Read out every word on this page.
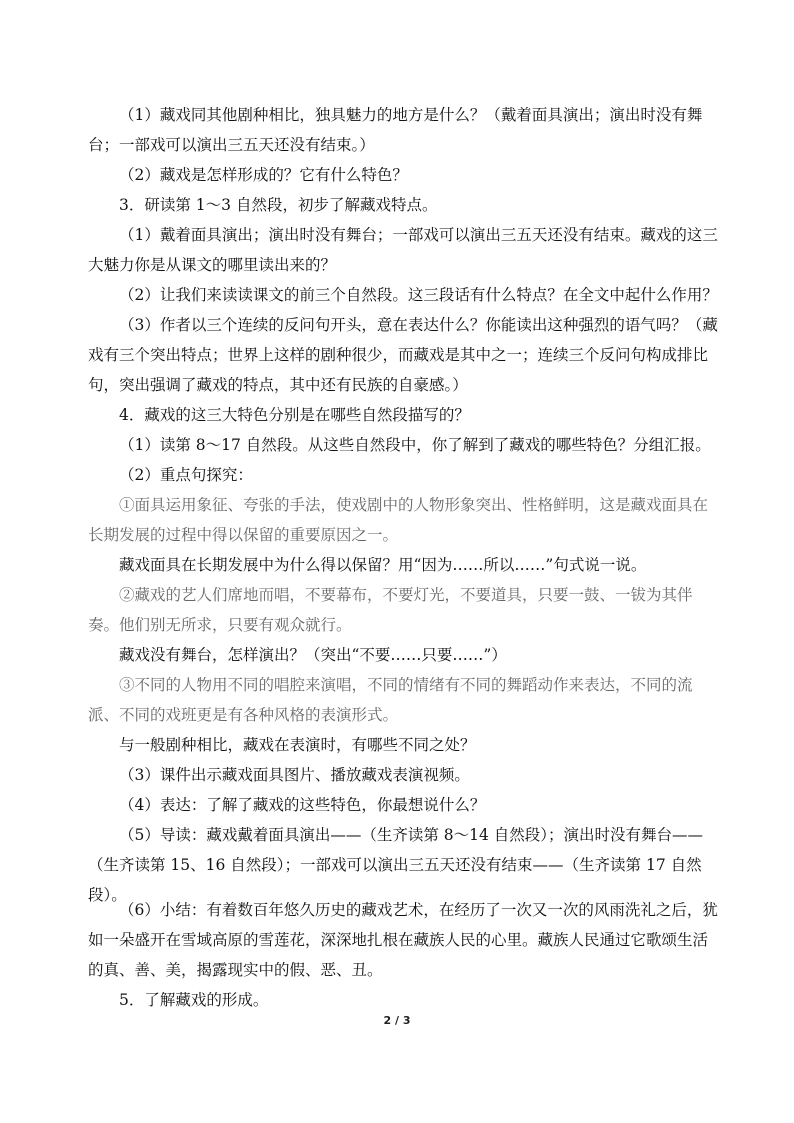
（1）藏戏同其他剧种相比，独具魅力的地方是什么？（戴着面具演出；演出时没有舞台；一部戏可以演出三五天还没有结束。）

（2）藏戏是怎样形成的？它有什么特色？

3．研读第 1～3 自然段，初步了解藏戏特点。

（1）戴着面具演出；演出时没有舞台；一部戏可以演出三五天还没有结束。藏戏的这三大魅力你是从课文的哪里读出来的？

（2）让我们来读读课文的前三个自然段。这三段话有什么特点？在全文中起什么作用？

（3）作者以三个连续的反问句开头，意在表达什么？你能读出这种强烈的语气吗？（藏戏有三个突出特点；世界上这样的剧种很少，而藏戏是其中之一；连续三个反问句构成排比句，突出强调了藏戏的特点，其中还有民族的自豪感。）

4．藏戏的这三大特色分别是在哪些自然段描写的？

（1）读第 8～17 自然段。从这些自然段中，你了解到了藏戏的哪些特色？分组汇报。

（2）重点句探究：

①面具运用象征、夸张的手法，使戏剧中的人物形象突出、性格鲜明，这是藏戏面具在长期发展的过程中得以保留的重要原因之一。

藏戏面具在长期发展中为什么得以保留？用“因为……所以……”句式说一说。

②藏戏的艺人们席地而唱，不要幕布，不要灯光，不要道具，只要一鼓、一钹为其伴奏。他们别无所求，只要有观众就行。

藏戏没有舞台，怎样演出？（突出“不要……只要……”）

③不同的人物用不同的唱腔来演唱，不同的情绪有不同的舞蹈动作来表达，不同的流派、不同的戏班更是有各种风格的表演形式。

与一般剧种相比，藏戏在表演时，有哪些不同之处？

（3）课件出示藏戏面具图片、播放藏戏表演视频。

（4）表达：了解了藏戏的这些特色，你最想说什么？

（5）导读：藏戏戴着面具演出——（生齐读第 8～14 自然段）；演出时没有舞台——（生齐读第 15、16 自然段）；一部戏可以演出三五天还没有结束——（生齐读第 17 自然段）。

（6）小结：有着数百年悠久历史的藏戏艺术，在经历了一次又一次的风雨洗礼之后，犹如一朵盛开在雪域高原的雪莲花，深深地扎根在藏族人民的心里。藏族人民通过它歌颂生活的真、善、美，揭露现实中的假、恶、丑。

5．了解藏戏的形成。

2 / 3
